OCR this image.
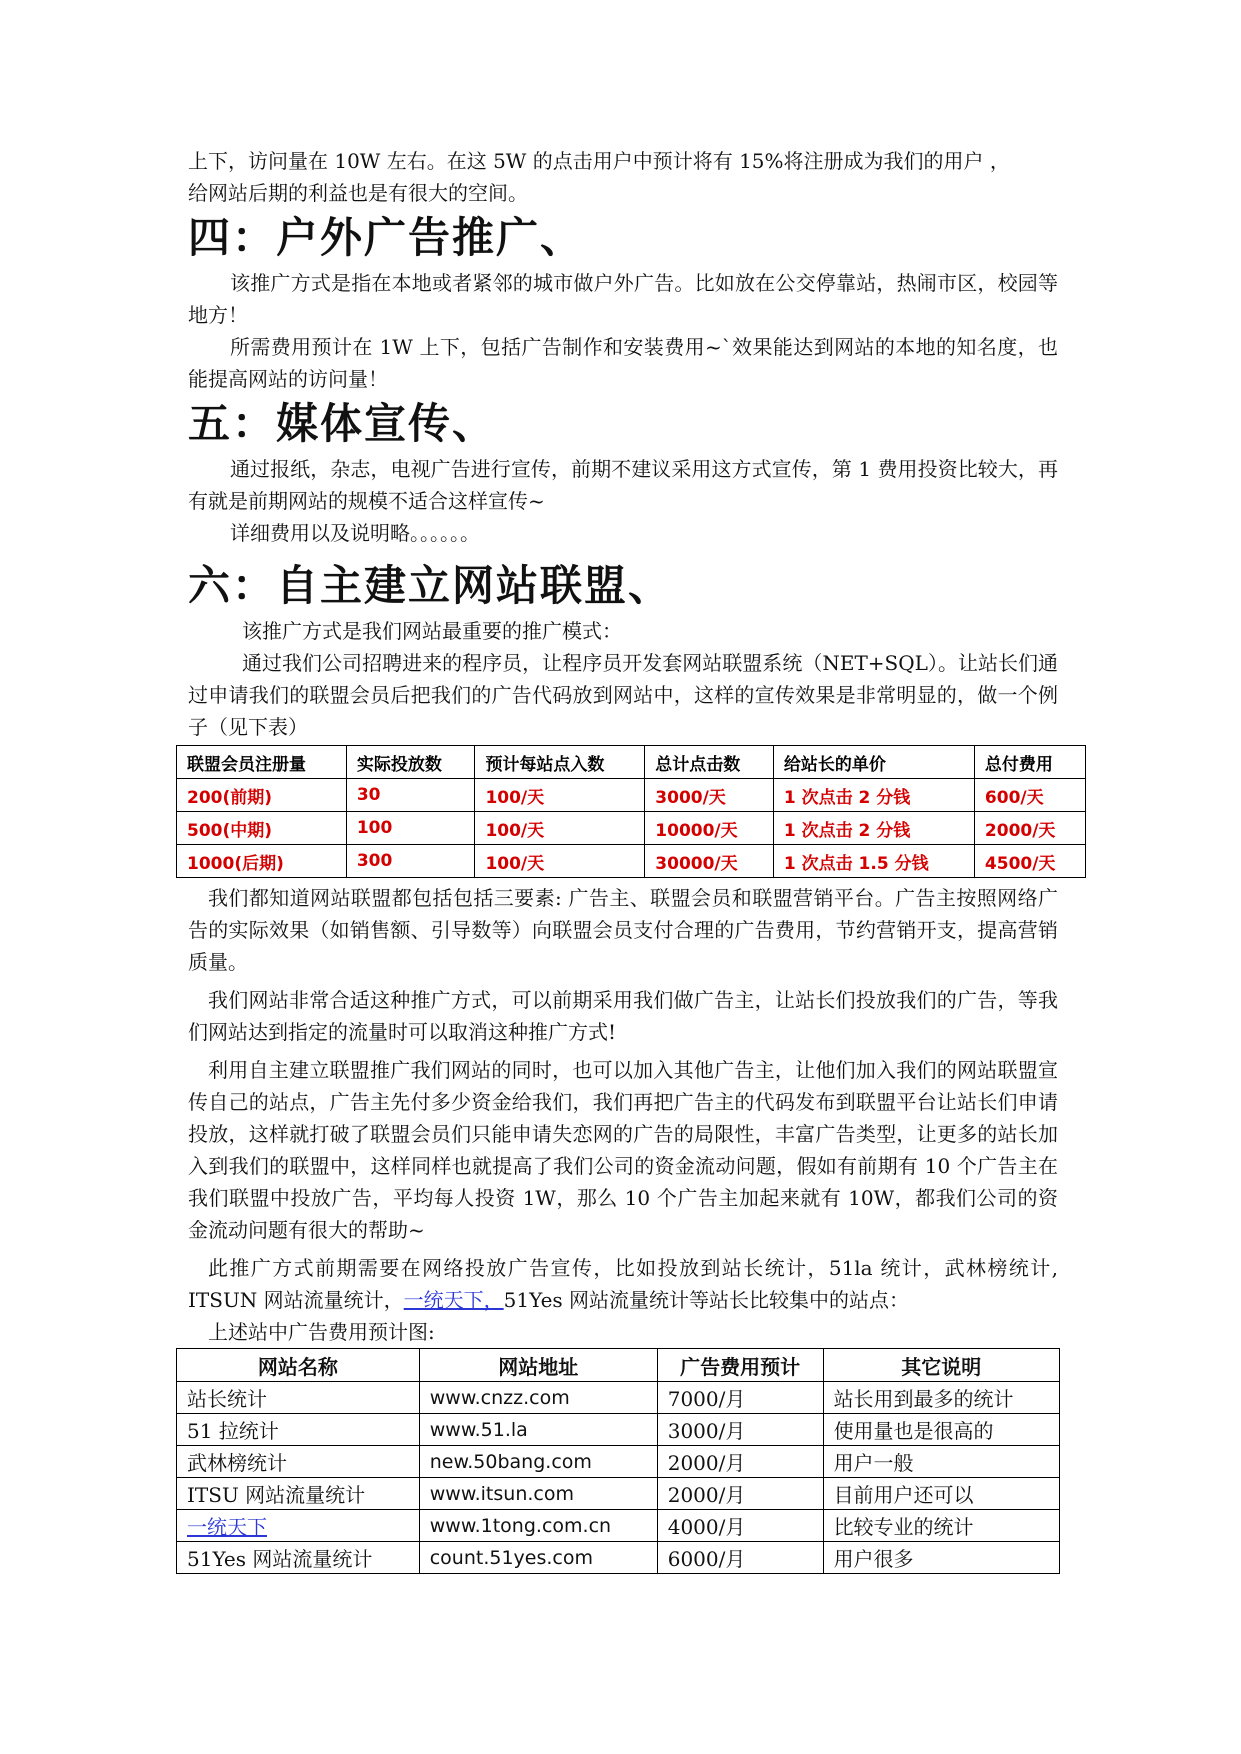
上下，访问量在 10W 左右。在这 5W 的点击用户中预计将有 15%将注册成为我们的用户 ，

给网站后期的利益也是有很大的空间。

四：户外广告推广、

该推广方式是指在本地或者紧邻的城市做户外广告。比如放在公交停靠站，热闹市区，校园等地方！

所需费用预计在 1W 上下，包括广告制作和安装费用~`效果能达到网站的本地的知名度，也能提高网站的访问量！

五：媒体宣传、

通过报纸，杂志，电视广告进行宣传，前期不建议采用这方式宣传，第 1 费用投资比较大，再有就是前期网站的规模不适合这样宣传~

详细费用以及说明略。。。。。。

六：自主建立网站联盟、

该推广方式是我们网站最重要的推广模式：

通过我们公司招聘进来的程序员，让程序员开发套网站联盟系统（NET+SQL）。让站长们通过申请我们的联盟会员后把我们的广告代码放到网站中，这样的宣传效果是非常明显的，做一个例子（见下表）

联盟会员注册量	实际投放数	预计每站点入数	总计点击数	给站长的单价	总付费用
200(前期)	30	100/天	3000/天	1 次点击 2 分钱	600/天
500(中期)	100	100/天	10000/天	1 次点击 2 分钱	2000/天
1000(后期)	300	100/天	30000/天	1 次点击 1.5 分钱	4500/天

我们都知道网站联盟都包括包括三要素: 广告主、联盟会员和联盟营销平台。广告主按照网络广告的实际效果（如销售额、引导数等）向联盟会员支付合理的广告费用，节约营销开支，提高营销质量。

我们网站非常合适这种推广方式，可以前期采用我们做广告主，让站长们投放我们的广告，等我们网站达到指定的流量时可以取消这种推广方式!

利用自主建立联盟推广我们网站的同时，也可以加入其他广告主，让他们加入我们的网站联盟宣传自己的站点，广告主先付多少资金给我们，我们再把广告主的代码发布到联盟平台让站长们申请投放，这样就打破了联盟会员们只能申请失恋网的广告的局限性，丰富广告类型，让更多的站长加入到我们的联盟中，这样同样也就提高了我们公司的资金流动问题，假如有前期有 10 个广告主在我们联盟中投放广告，平均每人投资 1W，那么 10 个广告主加起来就有 10W，都我们公司的资金流动问题有很大的帮助~

此推广方式前期需要在网络投放广告宣传，比如投放到站长统计，51la 统计，武林榜统计, ITSUN 网站流量统计，一统天下，51Yes 网站流量统计等站长比较集中的站点：

上述站中广告费用预计图:

网站名称	网站地址	广告费用预计	其它说明
站长统计	www.cnzz.com	7000/月	站长用到最多的统计
51 拉统计	www.51.la	3000/月	使用量也是很高的
武林榜统计	new.50bang.com	2000/月	用户一般
ITSU 网站流量统计	www.itsun.com	2000/月	目前用户还可以
一统天下	www.1tong.com.cn	4000/月	比较专业的统计
51Yes 网站流量统计	count.51yes.com	6000/月	用户很多
